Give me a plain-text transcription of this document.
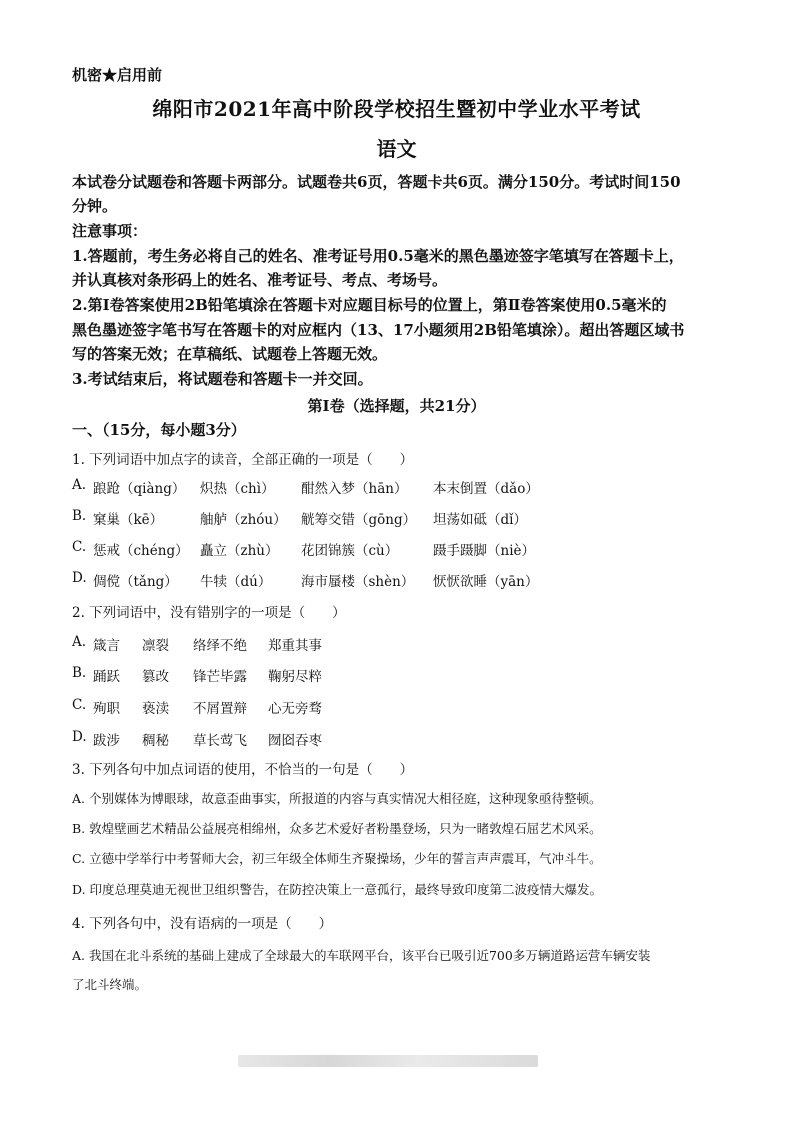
机密★启用前
绵阳市2021年高中阶段学校招生暨初中学业水平考试
语文
本试卷分试题卷和答题卡两部分。试题卷共6页，答题卡共6页。满分150分。考试时间150
分钟。
注意事项：
1.答题前，考生务必将自己的姓名、准考证号用0.5毫米的黑色墨迹签字笔填写在答题卡上，
并认真核对条形码上的姓名、准考证号、考点、考场号。
2.第Ⅰ卷答案使用2B铅笔填涂在答题卡对应题目标号的位置上，第Ⅱ卷答案使用0.5毫米的
黑色墨迹签字笔书写在答题卡的对应框内（13、17小题须用2B铅笔填涂）。超出答题区域书
写的答案无效；在草稿纸、试题卷上答题无效。
3.考试结束后，将试题卷和答题卡一并交回。
第Ⅰ卷（选择题，共21分）
一、（15分，每小题3分）
1. 下列词语中加点字的读音，全部正确的一项是（　　）
A. 踉跄（qiàng） 炽热（chì） 酣然入梦（hān） 本末倒置（dǎo）
B. 窠巢（kē）	舳舻（zhóu） 觥筹交错（gōng） 坦荡如砥（dǐ）
C. 惩戒（chéng） 矗立（zhù） 花团锦簇（cù）	蹑手蹑脚（niè）
D. 倜傥（tǎng） 牛犊（dú） 海市蜃楼（shèn） 恹恹欲睡（yān）
2. 下列词语中，没有错别字的一项是（　　）
A. 箴言 凛裂 络绎不绝 郑重其事
B. 踊跃 篡改 锋芒毕露 鞠躬尽粹
C. 殉职 亵渎 不屑置辩 心无旁骛
D. 跋涉 稠秘 草长莺飞 囫囵吞枣
3. 下列各句中加点词语的使用，不恰当的一句是（　　）
A. 个别媒体为博眼球，故意歪曲事实，所报道的内容与真实情况大相径庭，这种现象亟待整顿。
B. 敦煌壁画艺术精品公益展亮相绵州，众多艺术爱好者粉墨登场，只为一睹敦煌石屈艺术风采。
C. 立德中学举行中考誓师大会，初三年级全体师生齐聚操场，少年的誓言声声震耳，气冲斗牛。
D. 印度总理莫迪无视世卫组织警告，在防控决策上一意孤行，最终导致印度第二波疫情大爆发。
4. 下列各句中，没有语病的一项是（　　）
A. 我国在北斗系统的基础上建成了全球最大的车联网平台，该平台已吸引近700多万辆道路运营车辆安装
了北斗终端。
